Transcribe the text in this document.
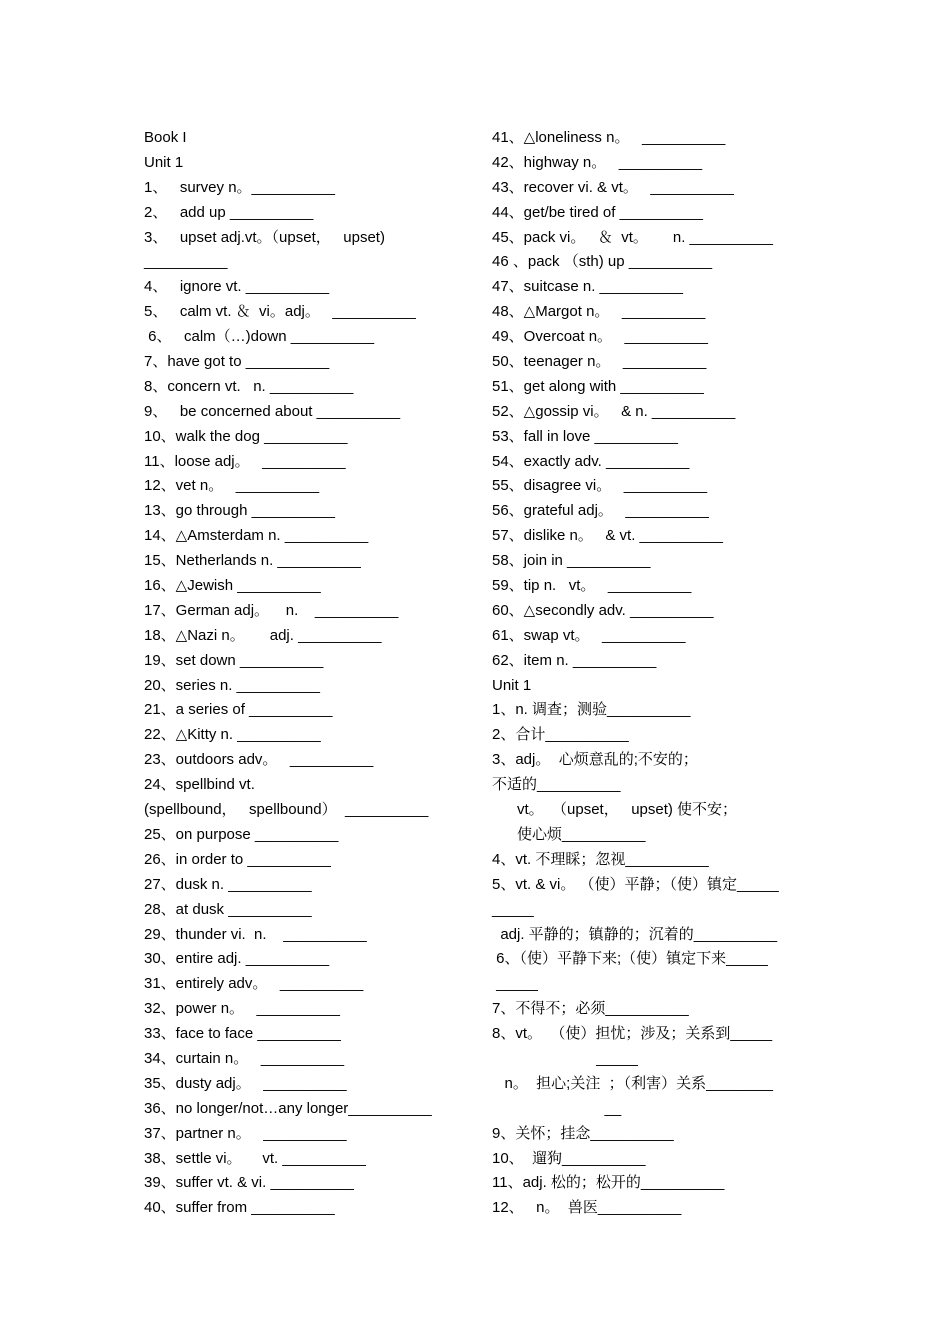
Book I
Unit 1
1、   survey n。__________
2、   add up __________
3、   upset adj.vt。（upset，   upset)
__________
4、   ignore vt. __________
5、   calm vt. ＆  vi。adj。   __________
6、   calm（…)down __________
7、have got to __________
8、concern vt.   n. __________
9、   be concerned about __________
10、walk the dog __________
11、loose adj。   __________
12、vet n。   __________
13、go through __________
14、△Amsterdam n. __________
15、Netherlands n. __________
16、△Jewish __________
17、German adj。    n.    __________
18、△Nazi n。      adj. __________
19、set down __________
20、series n. __________
21、a series of __________
22、△Kitty n. __________
23、outdoors adv。   __________
24、spellbind vt.
(spellbound，   spellbound）  __________
25、on purpose __________
26、in order to __________
27、dusk n. __________
28、at dusk __________
29、thunder vi.  n.    __________
30、entire adj. __________
31、entirely adv。   __________
32、power n。   __________
33、face to face __________
34、curtain n。   __________
35、dusty adj。   __________
36、no longer/not…any longer__________
37、partner n。   __________
38、settle vi。     vt. __________
39、suffer vt. & vi. __________
40、suffer from __________
41、△loneliness n。   __________
42、highway n。   __________
43、recover vi. & vt。   __________
44、get/be tired of __________
45、pack vi。   ＆  vt。      n. __________
46 、pack （sth) up __________
47、suitcase n. __________
48、△Margot n。   __________
49、Overcoat n。   __________
50、teenager n。   __________
51、get along with __________
52、△gossip vi。   & n. __________
53、fall in love __________
54、exactly adv. __________
55、disagree vi。   __________
56、grateful adj。   __________
57、dislike n。   & vt. __________
58、join in __________
59、tip n.   vt。   __________
60、△secondly adv. __________
61、swap vt。   __________
62、item n. __________
Unit 1
1、n. 调查；测验__________
2、合计__________
3、adj。  心烦意乱的;不安的；
不适的__________
vt。  （upset，   upset) 使不安；
使心烦__________
4、vt. 不理睬；忽视__________
5、vt. & vi。 （使）平静；（使）镇定_____
_____
adj. 平静的；镇静的；沉着的__________
6、（使）平静下来;（使）镇定下来_____
_____
7、不得不；必须__________
8、vt。  （使）担忧；涉及；关系到_____
_____
n。  担心;关注  ；（利害）关系________
__
9、关怀；挂念__________
10、  遛狗__________
11、adj. 松的；松开的__________
12、   n。  兽医__________
